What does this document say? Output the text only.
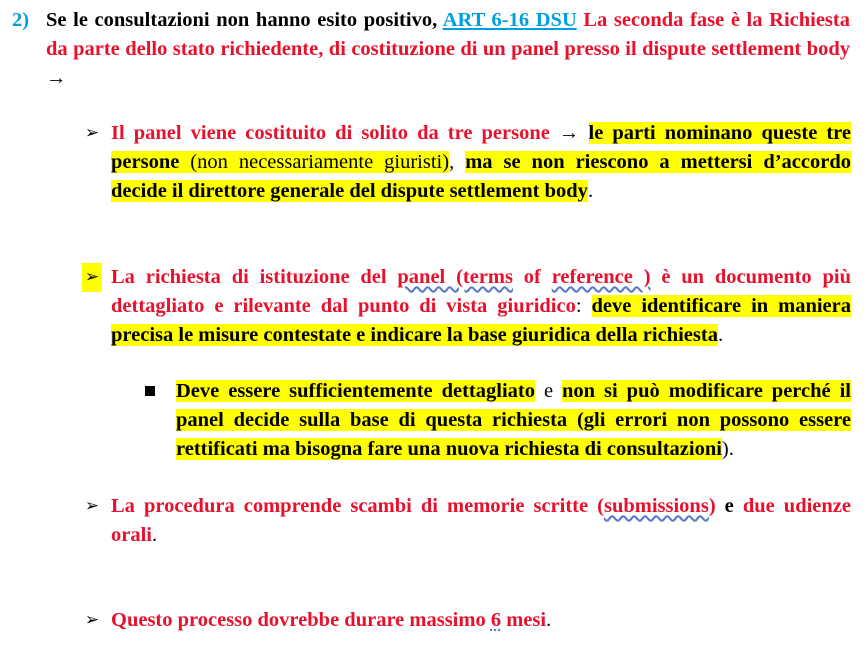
2) Se le consultazioni non hanno esito positivo, ART 6-16 DSU La seconda fase è la Richiesta da parte dello stato richiedente, di costituzione di un panel presso il dispute settlement body →
➢ Il panel viene costituito di solito da tre persone → le parti nominano queste tre persone (non necessariamente giuristi), ma se non riescono a mettersi d’accordo decide il direttore generale del dispute settlement body.
➢ La richiesta di istituzione del panel (terms of reference ) è un documento più dettagliato e rilevante dal punto di vista giuridico: deve identificare in maniera precisa le misure contestate e indicare la base giuridica della richiesta.
Deve essere sufficientemente dettagliato e non si può modificare perché il panel decide sulla base di questa richiesta (gli errori non possono essere rettificati ma bisogna fare una nuova richiesta di consultazioni).
➢ La procedura comprende scambi di memorie scritte (submissions) e due udienze orali.
➢ Questo processo dovrebbe durare massimo 6 mesi.
